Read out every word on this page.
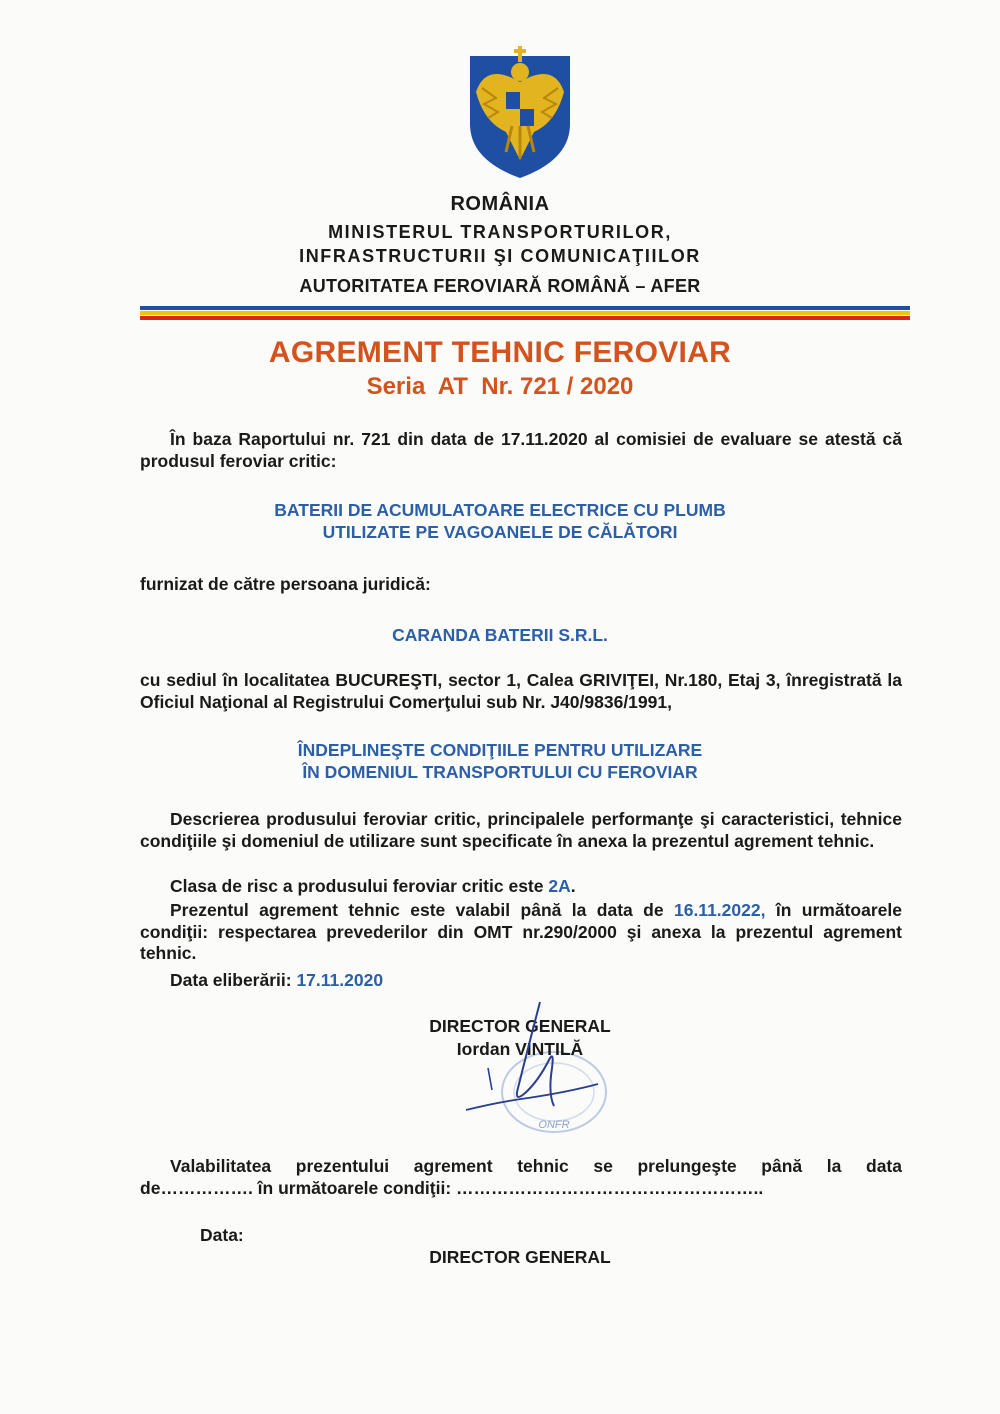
ROMÂNIA
MINISTERUL TRANSPORTURILOR,
INFRASTRUCTURII ŞI COMUNICAŢIILOR
AUTORITATEA FEROVIARĂ ROMÂNĂ – AFER
AGREMENT TEHNIC FEROVIAR
Seria  AT  Nr. 721 / 2020
În baza Raportului nr. 721 din data de 17.11.2020 al comisiei de evaluare se atestă că produsul feroviar critic:
BATERII DE ACUMULATOARE ELECTRICE CU PLUMB
UTILIZATE PE VAGOANELE DE CĂLĂTORI
furnizat de către persoana juridică:
CARANDA BATERII S.R.L.
cu sediul în localitatea BUCUREŞTI, sector 1, Calea GRIVIŢEI, Nr.180, Etaj 3, înregistrată la Oficiul Naţional al Registrului Comerţului sub Nr. J40/9836/1991,
ÎNDEPLINEŞTE CONDIŢIILE PENTRU UTILIZARE
ÎN DOMENIUL TRANSPORTULUI CU FEROVIAR
Descrierea produsului feroviar critic, principalele performanţe şi caracteristici, tehnice condiţiile şi domeniul de utilizare sunt specificate în anexa la prezentul agrement tehnic.
Clasa de risc a produsului feroviar critic este 2A.
Prezentul agrement tehnic este valabil până la data de 16.11.2022, în următoarele condiţii: respectarea prevederilor din OMT nr.290/2000 şi anexa la prezentul agrement tehnic.
Data eliberării: 17.11.2020
ONFR
DIRECTOR GENERAL
Iordan VINTILĂ
Valabilitatea prezentului agrement tehnic se prelungeşte până la data
de……………. în următoarele condiţii: ……………………………………………..
Data:
DIRECTOR GENERAL
